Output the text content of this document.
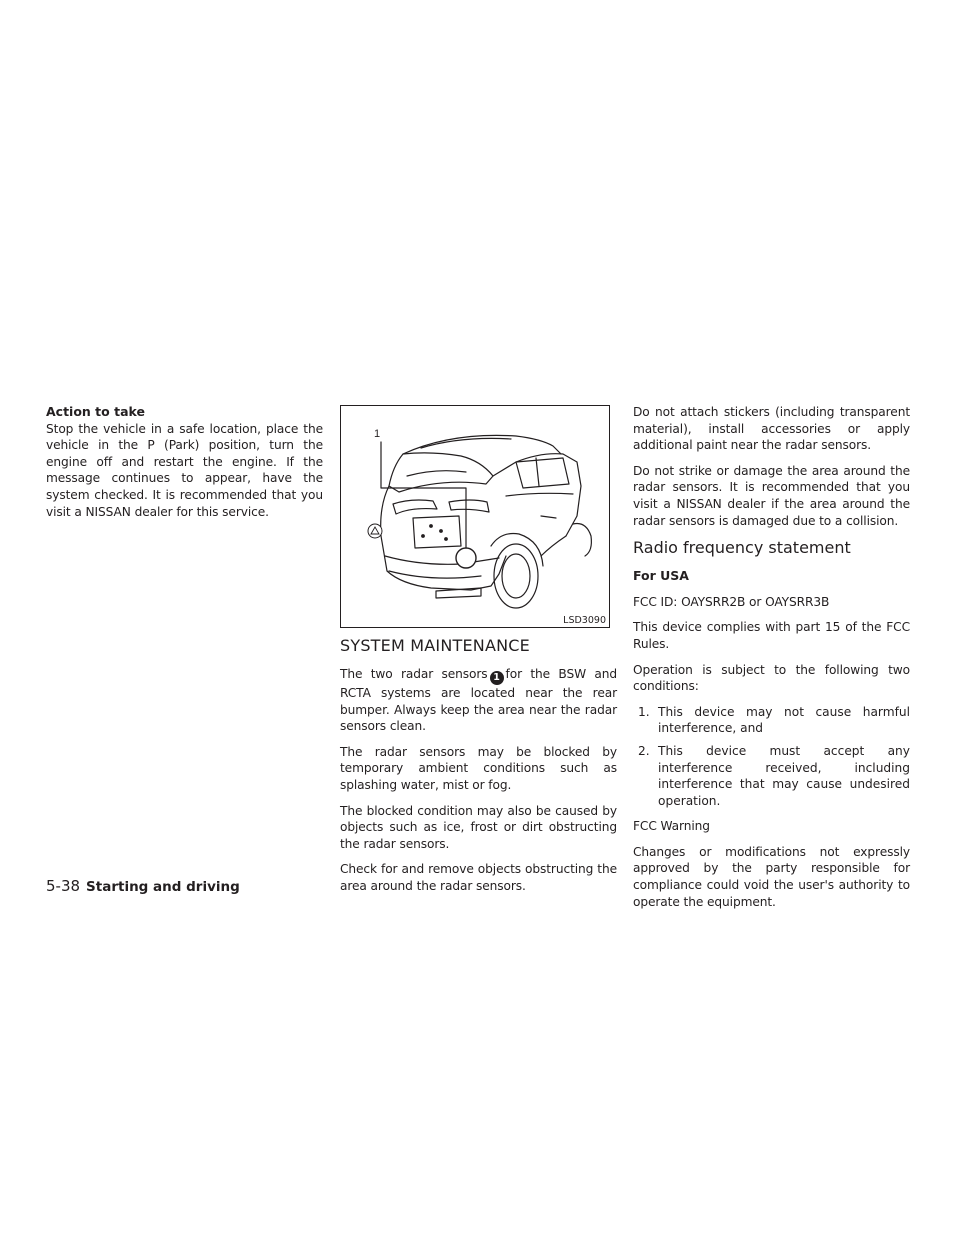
Action to take

Stop the vehicle in a safe location, place the vehicle in the P (Park) position, turn the engine off and restart the engine. If the message continues to appear, have the system checked. It is recommended that you visit a NISSAN dealer for this service.

1
LSD3090
SYSTEM MAINTENANCE

The two radar sensors 1 for the BSW and RCTA systems are located near the rear bumper. Always keep the area near the radar sensors clean.

The radar sensors may be blocked by temporary ambient conditions such as splashing water, mist or fog.

The blocked condition may also be caused by objects such as ice, frost or dirt obstructing the radar sensors.

Check for and remove objects obstructing the area around the radar sensors.

Do not attach stickers (including transparent material), install accessories or apply additional paint near the radar sensors.

Do not strike or damage the area around the radar sensors. It is recommended that you visit a NISSAN dealer if the area around the radar sensors is damaged due to a collision.

Radio frequency statement

For USA

FCC ID: OAYSRR2B or OAYSRR3B

This device complies with part 15 of the FCC Rules.

Operation is subject to the following two conditions:

1. This device may not cause harmful interference, and
2. This device must accept any interference received, including interference that may cause undesired operation.

FCC Warning

Changes or modifications not expressly approved by the party responsible for compliance could void the user's authority to operate the equipment.

5-38 Starting and driving
